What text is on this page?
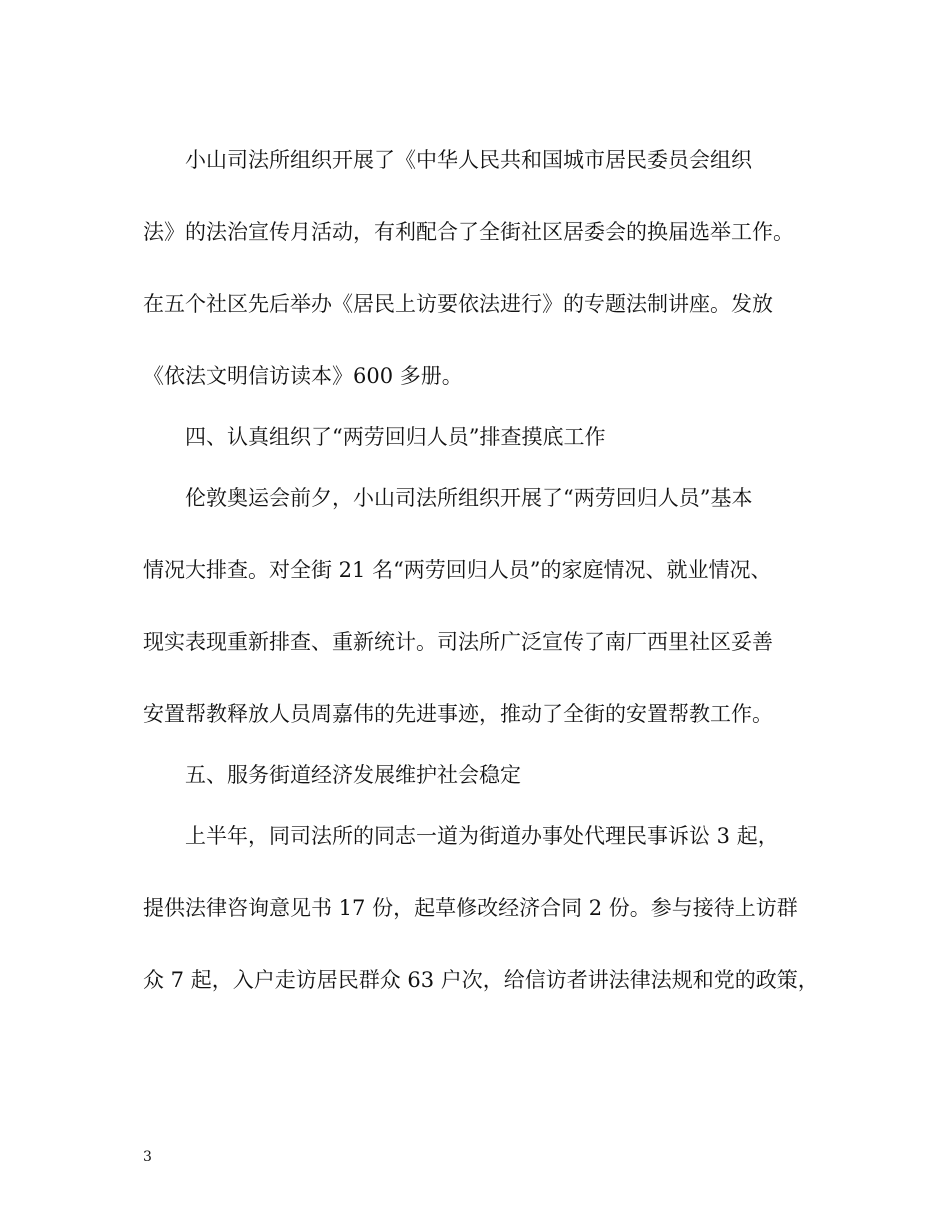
小山司法所组织开展了《中华人民共和国城市居民委员会组织
法》的法治宣传月活动，有利配合了全街社区居委会的换届选举工作。
在五个社区先后举办《居民上访要依法进行》的专题法制讲座。发放
《依法文明信访读本》600 多册。
四、认真组织了“两劳回归人员”排查摸底工作
伦敦奥运会前夕，小山司法所组织开展了“两劳回归人员”基本
情况大排查。对全街 21 名“两劳回归人员”的家庭情况、就业情况、
现实表现重新排查、重新统计。司法所广泛宣传了南厂西里社区妥善
安置帮教释放人员周嘉伟的先进事迹，推动了全街的安置帮教工作。
五、服务街道经济发展维护社会稳定
上半年，同司法所的同志一道为街道办事处代理民事诉讼 3 起，
提供法律咨询意见书 17 份，起草修改经济合同 2 份。参与接待上访群
众 7 起，入户走访居民群众 63 户次，给信访者讲法律法规和党的政策，
3
